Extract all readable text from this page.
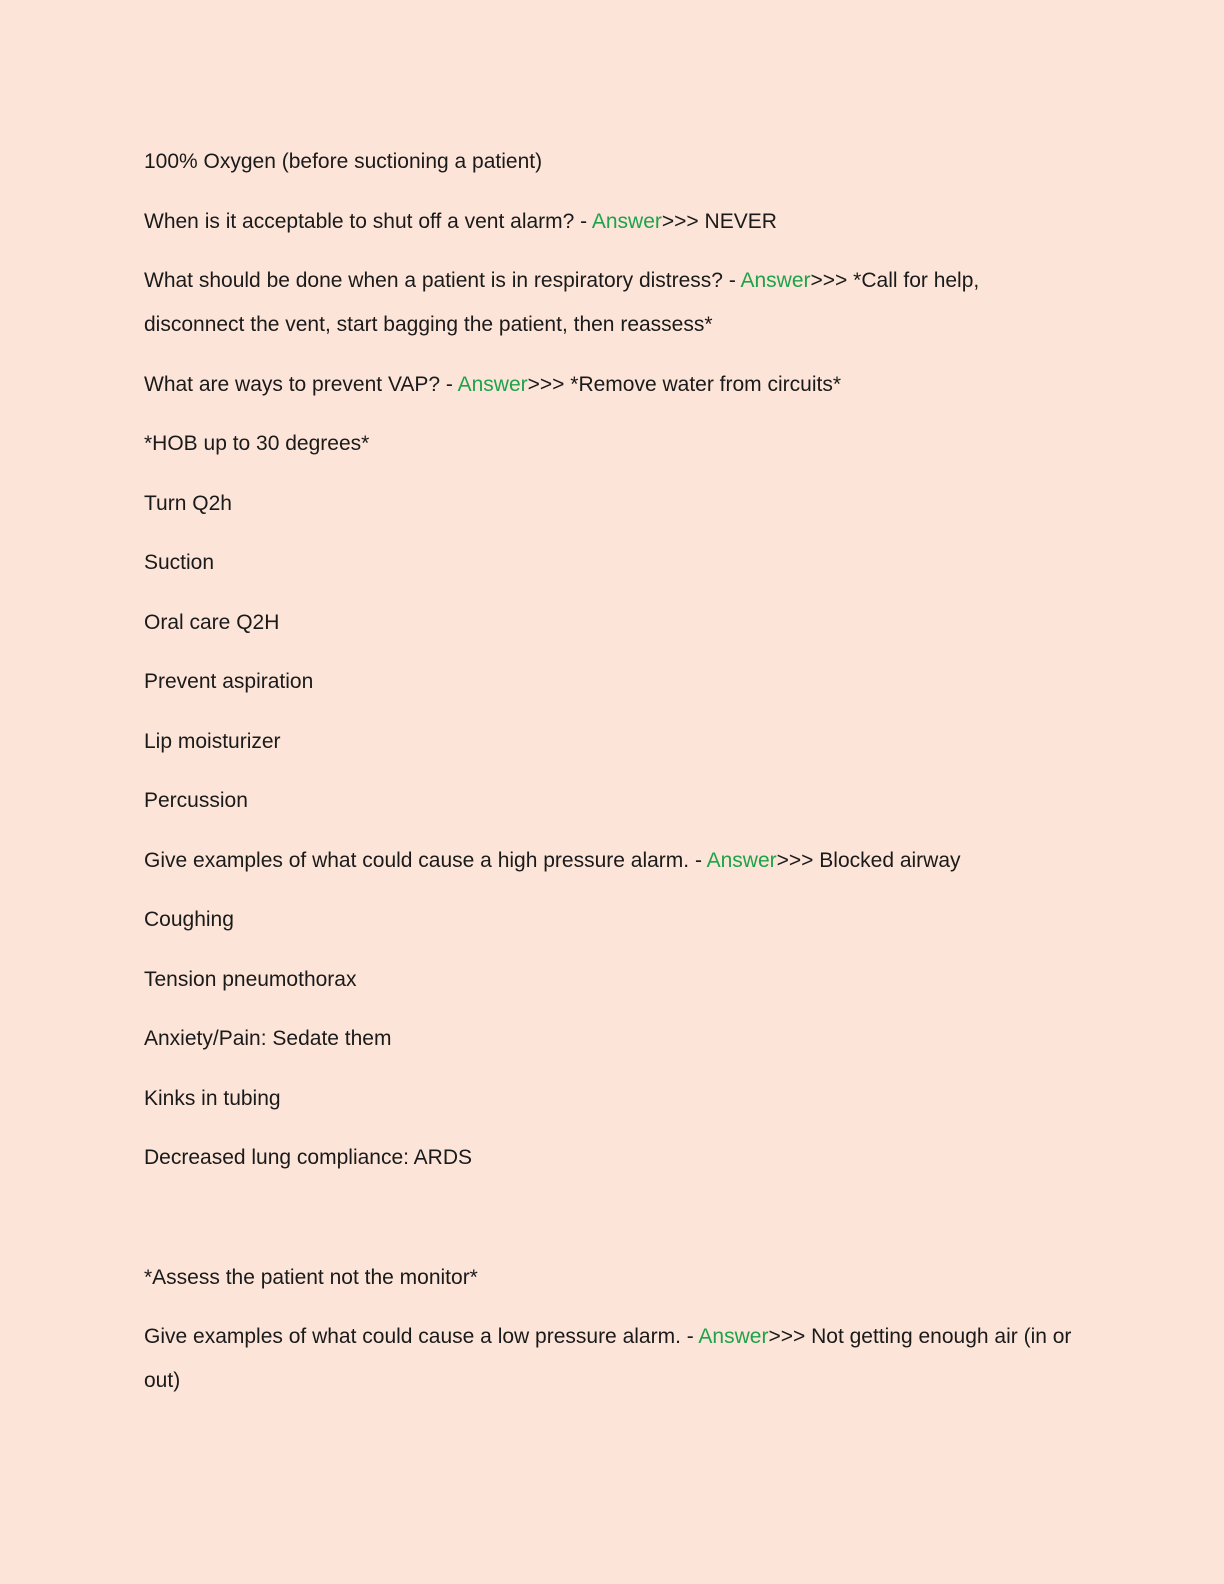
100% Oxygen (before suctioning a patient)

When is it acceptable to shut off a vent alarm? - Answer>>> NEVER

What should be done when a patient is in respiratory distress? - Answer>>> *Call for help, disconnect the vent, start bagging the patient, then reassess*

What are ways to prevent VAP? - Answer>>> *Remove water from circuits*

*HOB up to 30 degrees*

Turn Q2h

Suction

Oral care Q2H

Prevent aspiration

Lip moisturizer

Percussion

Give examples of what could cause a high pressure alarm. - Answer>>> Blocked airway

Coughing

Tension pneumothorax

Anxiety/Pain: Sedate them

Kinks in tubing

Decreased lung compliance: ARDS

*Assess the patient not the monitor*

Give examples of what could cause a low pressure alarm. - Answer>>> Not getting enough air (in or out)
